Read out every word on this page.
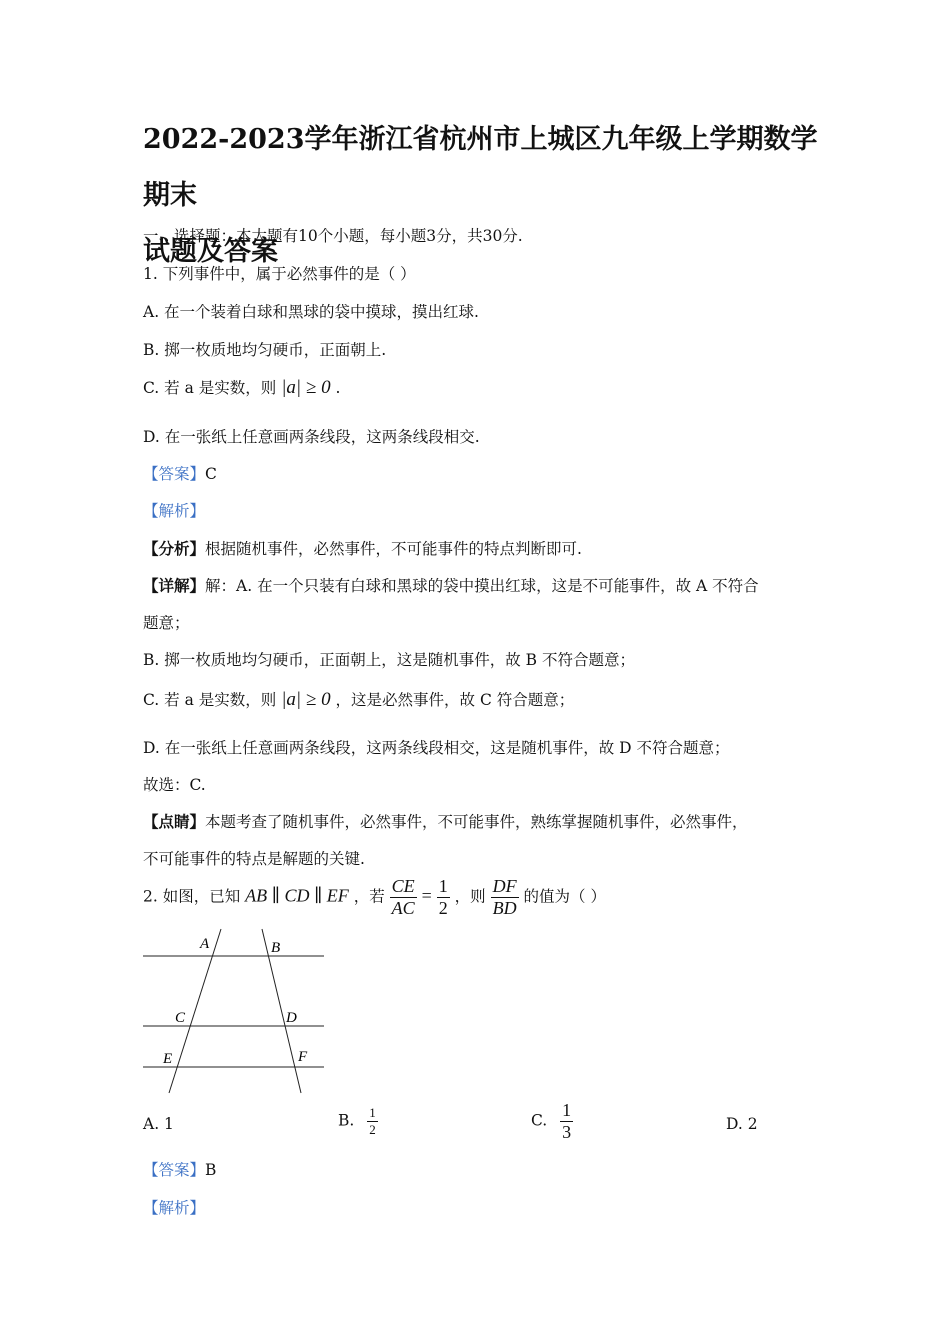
2022-2023学年浙江省杭州市上城区九年级上学期数学期末
试题及答案
一、选择题：本大题有10个小题，每小题3分，共30分.
1. 下列事件中，属于必然事件的是（ ）
A. 在一个装着白球和黑球的袋中摸球，摸出红球.
B. 掷一枚质地均匀硬币，正面朝上.
C. 若 a 是实数，则 |a| ≥ 0 .
D. 在一张纸上任意画两条线段，这两条线段相交.
【答案】C
【解析】
【分析】根据随机事件，必然事件，不可能事件的特点判断即可.
【详解】解：A. 在一个只装有白球和黑球的袋中摸出红球，这是不可能事件，故 A 不符合
题意；
B. 掷一枚质地均匀硬币，正面朝上，这是随机事件，故 B 不符合题意；
C. 若 a 是实数，则 |a| ≥ 0 ，这是必然事件，故 C 符合题意；
D. 在一张纸上任意画两条线段，这两条线段相交，这是随机事件，故 D 不符合题意；
故选：C.
【点睛】本题考查了随机事件，必然事件，不可能事件，熟练掌握随机事件，必然事件，
不可能事件的特点是解题的关键.
2. 如图，已知 AB ∥ CD ∥ EF ，若 $\frac{CE}{AC} = \frac{1}{2}$ ，则 $\frac{DF}{BD}$ 的值为（ ）
A	B
C	D
E	F
A. 1	B. $\frac{1}{2}$	C. $\frac{1}{3}$	D. 2
【答案】B
【解析】
